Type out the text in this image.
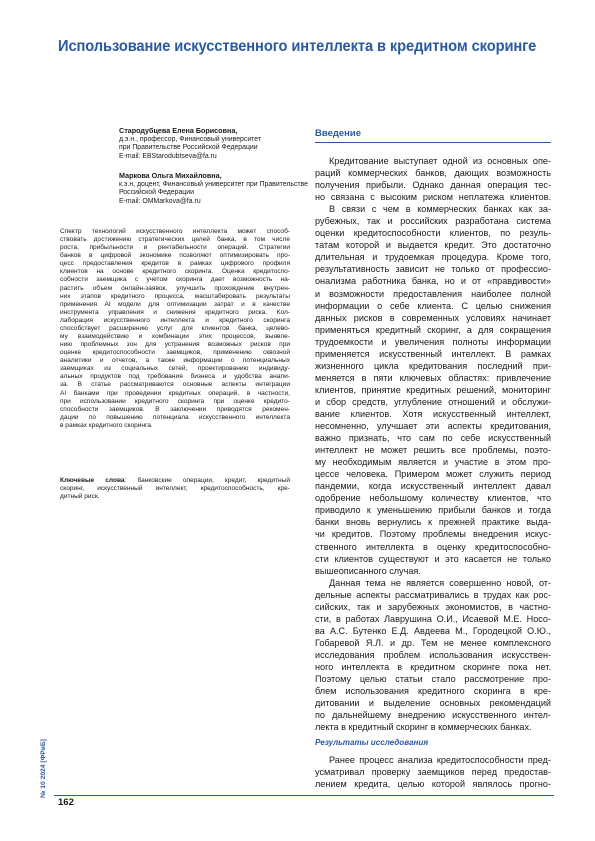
Использование искусственного интеллекта в кредитном скоринге
Стародубцева Елена Борисовна,
д.э.н., профессор, Финансовый университет
при Правительстве Российской Федерации
E-mail: EBStarodubtseva@fa.ru
Маркова Ольга Михайловна,
к.э.н, доцент, Финансовый университет при Правительстве
Российской Федерации
E-mail: OMMarkova@fa.ru
Спектр технологий искусственного интеллекта может способ-
ствовать достижению стратегических целей банка, в том числе
роста, прибыльности и рентабельности операций. Стратегии
банков в цифровой экономике позволяют оптимизировать про-
цесс предоставления кредитов в рамках цифрового профиля
клиентов на основе кредитного скоринга. Оценка кредитоспо-
собности заемщика с учетом скоринга дает возможность на-
растить объем онлайн-заявок, улучшить прохождение внутрен-
них этапов кредитного процесса, масштабировать результаты
применения AI модели для оптимизации затрат и в качестве
инструмента управления и снижения кредитного риска. Кол-
лаборация искусственного интеллекта и кредитного скоринга
способствует расширению услуг для клиентов банка, целево-
му взаимодействию и комбинации этих процессов, выявле-
нию проблемных зон для устранения возможных рисков при
оценке кредитоспособности заемщиков, применению сквозной
аналитики и отчетов, а также информации о потенциальных
заемщиках из социальных сетей, проектированию индивиду-
альных продуктов под требования бизнеса и удобства анали-
за. В статье рассматриваются основные аспекты интеграции
AI банками при проведении кредитных операций, в частности,
при использовании кредитного скоринга при оценке кредито-
способности заемщиков. В заключении приводятся рекомен-
дации по повышению потенциала искусственного интеллекта
в рамках кредитного скоринга.
Ключевые слова: банковские операции, кредит, кредитный
скоринг, искусственный интеллект, кредитоспособность, кре-
дитный риск.
Введение
Кредитование выступает одной из основных опе-
раций коммерческих банков, дающих возможность
получения прибыли. Однако данная операция тес-
но связана с высоким риском неплатежа клиентов.
В связи с чем в коммерческих банках как за-
рубежных, так и российских разработана система
оценки кредитоспособности клиентов, по резуль-
татам которой и выдается кредит. Это достаточно
длительная и трудоемкая процедура. Кроме того,
результативность зависит не только от профессио-
онализма работника банка, но и от «правдивости»
и возможности предоставления наиболее полной
информации о себе клиента. С целью снижения
данных рисков в современных условиях начинает
применяться кредитный скоринг, а для сокращения
трудоемкости и увеличения полноты информации
применяется искусственный интеллект. В рамках
жизненного цикла кредитования последний при-
меняется в пяти ключевых областях: привлечение
клиентов, принятие кредитных решений, мониторинг
и сбор средств, углубление отношений и обслужи-
вание клиентов. Хотя искусственный интеллект,
несомненно, улучшает эти аспекты кредитования,
важно признать, что сам по себе искусственный
интеллект не может решить все проблемы, поэто-
му необходимым является и участие в этом про-
цессе человека. Примером может служить период
пандемии, когда искусственный интеллект давал
одобрение небольшому количеству клиентов, что
приводило к уменьшению прибыли банков и тогда
банки вновь вернулись к прежней практике выда-
чи кредитов. Поэтому проблемы внедрения искус-
ственного интеллекта в оценку кредитоспособно-
сти клиентов существуют и это касается не только
вышеописанного случая.
Данная тема не является совершенно новой, от-
дельные аспекты рассматривались в трудах как рос-
сийских, так и зарубежных экономистов, в частно-
сти, в работах Лаврушина О.И., Исаевой М.Е. Носо-
ва А.С. Бутенко Е.Д. Авдеева М., Городецкой О.Ю.,
Гобаревой Я.Л. и др. Тем не менее комплексного
исследования проблем использования искусствен-
ного интеллекта в кредитном скоринге пока нет.
Поэтому целью статьи стало рассмотрение про-
блем использования кредитного скоринга в кре-
дитовании и выделение основных рекомендаций
по дальнейшему внедрению искусственного интел-
лекта в кредитный скоринг в коммерческих банках.
Результаты исследования
Ранее процесс анализа кредитоспособности пред-
усматривал проверку заемщиков перед предостав-
лением кредита, целью которой являлось прогно-
№ 10 2024 [ФРиБ]
162
